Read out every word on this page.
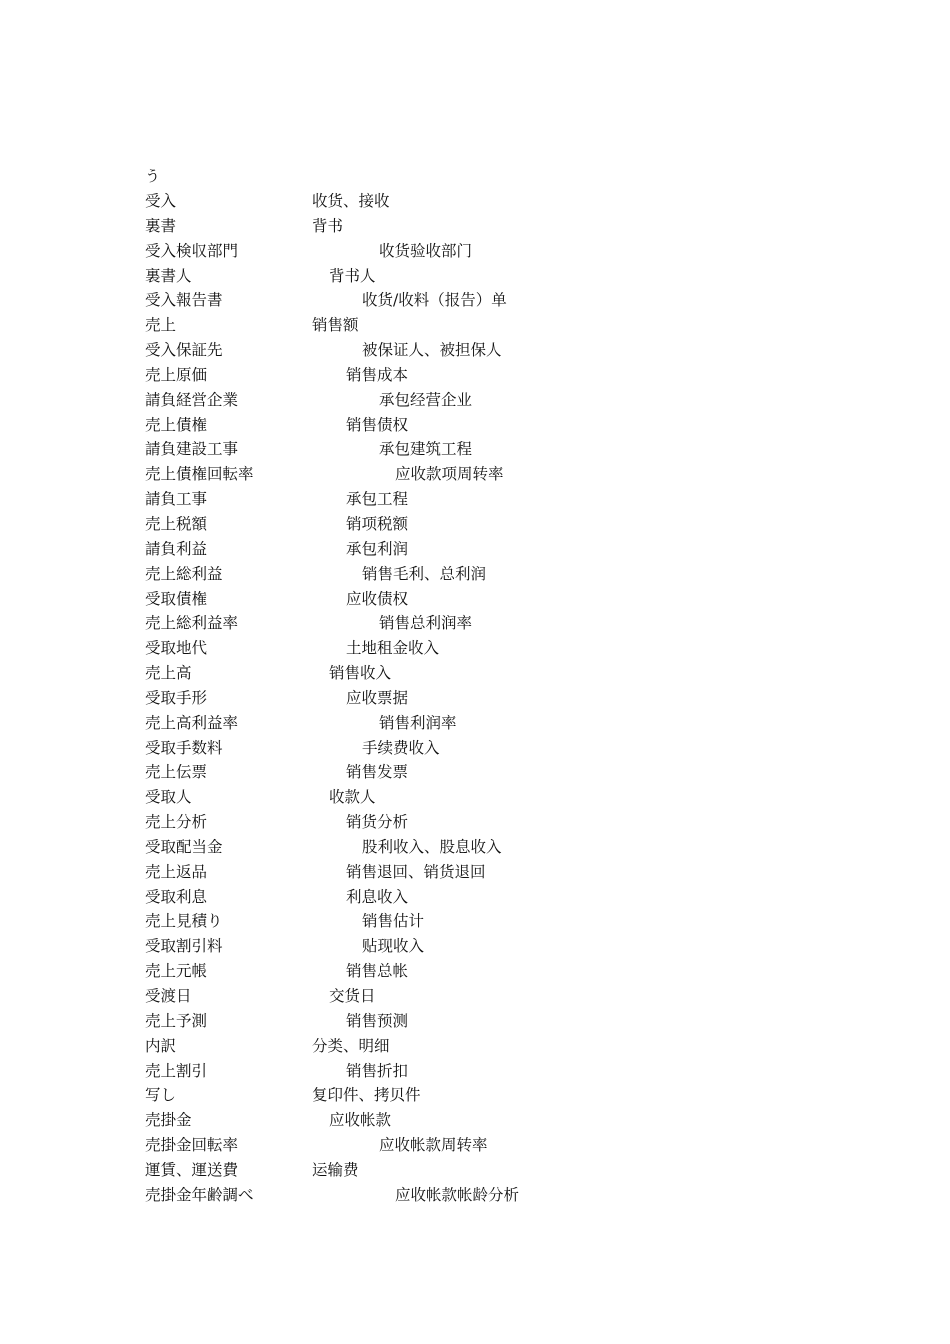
う
受入	收货、接收
裏書	背书
受入検収部門	收货验收部门
裏書人	背书人
受入報告書	收货/收料（报告）单
売上	销售额
受入保証先	被保证人、被担保人
売上原価	销售成本
請負経営企業	承包经营企业
売上債権	销售债权
請負建設工事	承包建筑工程
売上債権回転率	应收款项周转率
請負工事	承包工程
売上税額	销项税额
請負利益	承包利润
売上総利益	销售毛利、总利润
受取債権	应收债权
売上総利益率	销售总利润率
受取地代	土地租金收入
売上高	销售收入
受取手形	应收票据
売上高利益率	销售利润率
受取手数料	手续费收入
売上伝票	销售发票
受取人	收款人
売上分析	销货分析
受取配当金	股利收入、股息收入
売上返品	销售退回、销货退回
受取利息	利息收入
売上見積り	销售估计
受取割引料	贴现收入
売上元帳	销售总帐
受渡日	交货日
売上予測	销售预测
内訳	分类、明细
売上割引	销售折扣
写し	复印件、拷贝件
売掛金	应收帐款
売掛金回転率	应收帐款周转率
運賃、運送費	运输费
売掛金年齢調べ	应收帐款帐龄分析
